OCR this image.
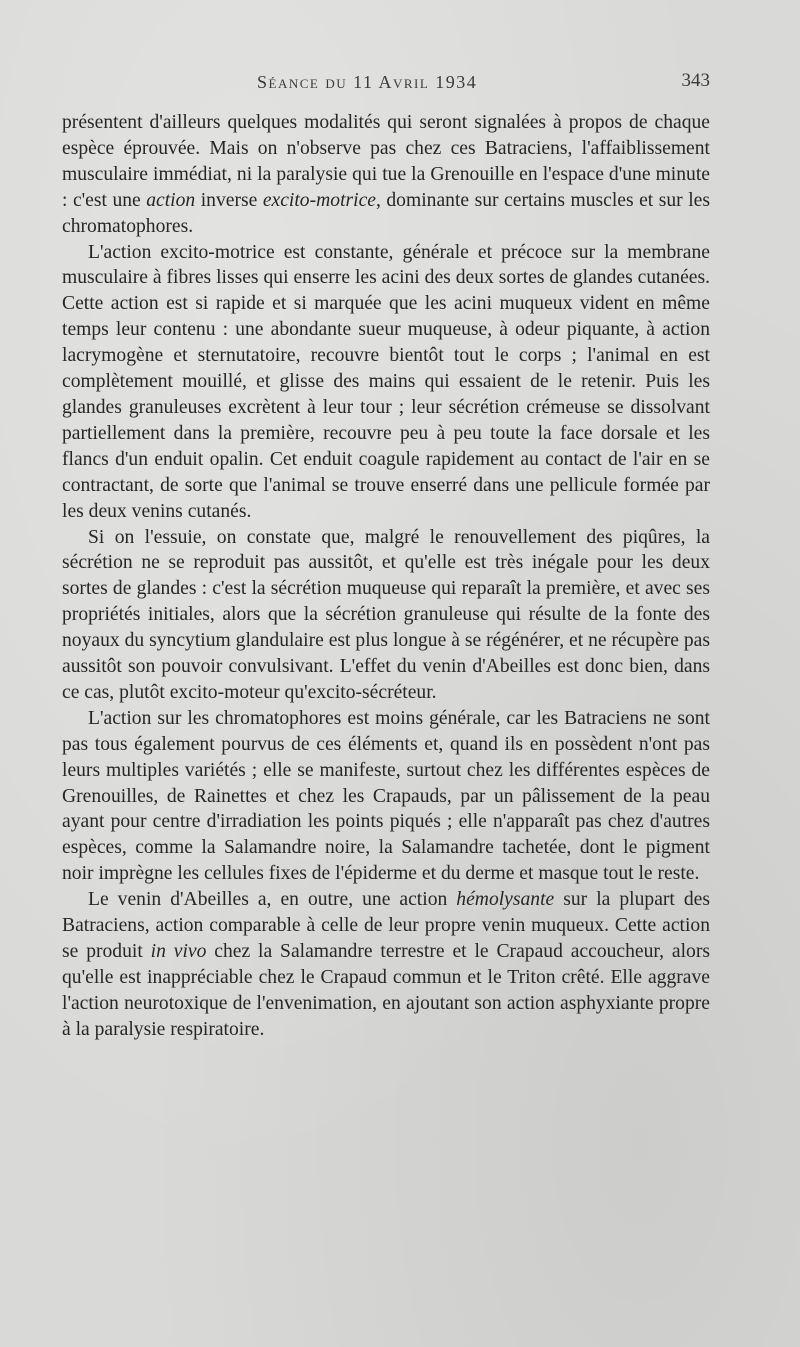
Séance du 11 Avril 1934	343

présentent d'ailleurs quelques modalités qui seront signalées à propos de chaque espèce éprouvée. Mais on n'observe pas chez ces Batraciens, l'affaiblissement musculaire immédiat, ni la paralysie qui tue la Grenouille en l'espace d'une minute : c'est une action inverse excito-motrice, dominante sur certains muscles et sur les chromatophores.

L'action excito-motrice est constante, générale et précoce sur la membrane musculaire à fibres lisses qui enserre les acini des deux sortes de glandes cutanées. Cette action est si rapide et si marquée que les acini muqueux vident en même temps leur contenu : une abondante sueur muqueuse, à odeur piquante, à action lacrymogène et sternutatoire, recouvre bientôt tout le corps ; l'animal en est complètement mouillé, et glisse des mains qui essaient de le retenir. Puis les glandes granuleuses excrètent à leur tour ; leur sécrétion crémeuse se dissolvant partiellement dans la première, recouvre peu à peu toute la face dorsale et les flancs d'un enduit opalin. Cet enduit coagule rapidement au contact de l'air en se contractant, de sorte que l'animal se trouve enserré dans une pellicule formée par les deux venins cutanés.

Si on l'essuie, on constate que, malgré le renouvellement des piqûres, la sécrétion ne se reproduit pas aussitôt, et qu'elle est très inégale pour les deux sortes de glandes : c'est la sécrétion muqueuse qui reparaît la première, et avec ses propriétés initiales, alors que la sécrétion granuleuse qui résulte de la fonte des noyaux du syncytium glandulaire est plus longue à se régénérer, et ne récupère pas aussitôt son pouvoir convulsivant. L'effet du venin d'Abeilles est donc bien, dans ce cas, plutôt excito-moteur qu'excito-sécréteur.

L'action sur les chromatophores est moins générale, car les Batraciens ne sont pas tous également pourvus de ces éléments et, quand ils en possèdent n'ont pas leurs multiples variétés ; elle se manifeste, surtout chez les différentes espèces de Grenouilles, de Rainettes et chez les Crapauds, par un pâlissement de la peau ayant pour centre d'irradiation les points piqués ; elle n'apparaît pas chez d'autres espèces, comme la Salamandre noire, la Salamandre tachetée, dont le pigment noir imprègne les cellules fixes de l'épiderme et du derme et masque tout le reste.

Le venin d'Abeilles a, en outre, une action hémolysante sur la plupart des Batraciens, action comparable à celle de leur propre venin muqueux. Cette action se produit in vivo chez la Salamandre terrestre et le Crapaud accoucheur, alors qu'elle est inappréciable chez le Crapaud commun et le Triton crêté. Elle aggrave l'action neurotoxique de l'envenimation, en ajoutant son action asphyxiante propre à la paralysie respiratoire.
